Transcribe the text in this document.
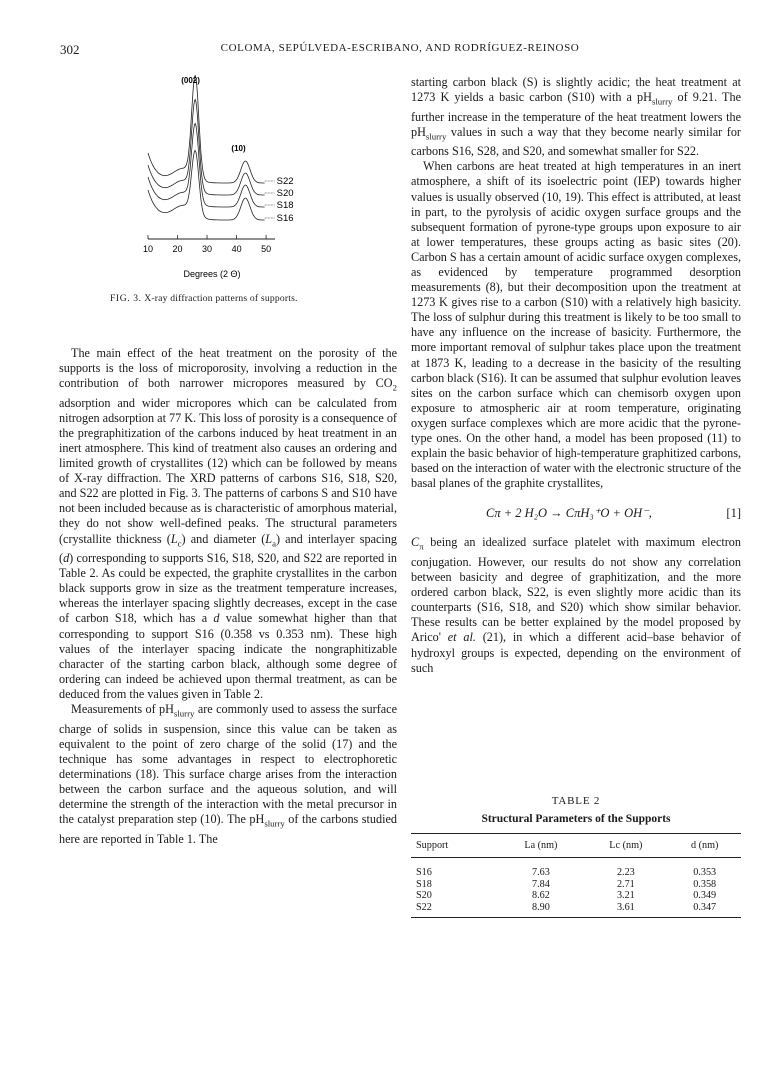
302	COLOMA, SEPÚLVEDA-ESCRIBANO, AND RODRÍGUEZ-REINOSO
10 20 30 40 50
(002)
(10)
S22
S20
S18
S16
Degrees (2 Θ)
FIG. 3. X-ray diffraction patterns of supports.

The main effect of the heat treatment on the porosity of the supports is the loss of microporosity, involving a reduction in the contribution of both narrower micropores measured by $CO_2$ adsorption and wider micropores which can be calculated from nitrogen adsorption at 77 K. This loss of porosity is a consequence of the pregraphitization of the carbons induced by heat treatment in an inert atmosphere. This kind of treatment also causes an ordering and limited growth of crystallites (12) which can be followed by means of X-ray diffraction. The XRD patterns of carbons S16, S18, S20, and S22 are plotted in Fig. 3. The patterns of carbons S and S10 have not been included because as is characteristic of amorphous material, they do not show well-defined peaks. The structural parameters (crystallite thickness $(L_c)$ and diameter $(L_a)$ and interlayer spacing (d) corresponding to supports S16, S18, S20, and S22 are reported in Table 2. As could be expected, the graphite crystallites in the carbon black supports grow in size as the treatment temperature increases, whereas the interlayer spacing slightly decreases, except in the case of carbon S18, which has a d value somewhat higher than that corresponding to support S16 (0.358 vs 0.353 nm). These high values of the interlayer spacing indicate the nongraphitizable character of the starting carbon black, although some degree of ordering can indeed be achieved upon thermal treatment, as can be deduced from the values given in Table 2.

Measurements of $pH_{slurry}$ are commonly used to assess the surface charge of solids in suspension, since this value can be taken as equivalent to the point of zero charge of the solid (17) and the technique has some advantages in respect to electrophoretic determinations (18). This surface charge arises from the interaction between the carbon surface and the aqueous solution, and will determine the strength of the interaction with the metal precursor in the catalyst preparation step (10). The $pH_{slurry}$ of the carbons studied here are reported in Table 1. The

starting carbon black (S) is slightly acidic; the heat treatment at 1273 K yields a basic carbon (S10) with a $pH_{slurry}$ of 9.21. The further increase in the temperature of the heat treatment lowers the $pH_{slurry}$ values in such a way that they become nearly similar for carbons S16, S28, and S20, and somewhat smaller for S22.

When carbons are heat treated at high temperatures in an inert atmosphere, a shift of its isoelectric point (IEP) towards higher values is usually observed (10, 19). This effect is attributed, at least in part, to the pyrolysis of acidic oxygen surface groups and the subsequent formation of pyrone-type groups upon exposure to air at lower temperatures, these groups acting as basic sites (20). Carbon S has a certain amount of acidic surface oxygen complexes, as evidenced by temperature programmed desorption measurements (8), but their decomposition upon the treatment at 1273 K gives rise to a carbon (S10) with a relatively high basicity. The loss of sulphur during this treatment is likely to be too small to have any influence on the increase of basicity. Furthermore, the more important removal of sulphur takes place upon the treatment at 1873 K, leading to a decrease in the basicity of the resulting carbon black (S16). It can be assumed that sulphur evolution leaves sites on the carbon surface which can chemisorb oxygen upon exposure to atmospheric air at room temperature, originating oxygen surface complexes which are more acidic that the pyrone-type ones. On the other hand, a model has been proposed (11) to explain the basic behavior of high-temperature graphitized carbons, based on the interaction of water with the electronic structure of the basal planes of the graphite crystallites,

Cπ + 2 H₂O → CπH₃⁺O + OH⁻,	[1]

$C_\pi$ being an idealized surface platelet with maximum electron conjugation. However, our results do not show any correlation between basicity and degree of graphitization, and the more ordered carbon black, S22, is even slightly more acidic than its counterparts (S16, S18, and S20) which show similar behavior. These results can be better explained by the model proposed by Arico' et al. (21), in which a different acid–base behavior of hydroxyl groups is expected, depending on the environment of such

TABLE 2
Structural Parameters of the Supports
Support	La (nm)	Lc (nm)	d (nm)
S16	7.63	2.23	0.353
S18	7.84	2.71	0.358
S20	8.62	3.21	0.349
S22	8.90	3.61	0.347
